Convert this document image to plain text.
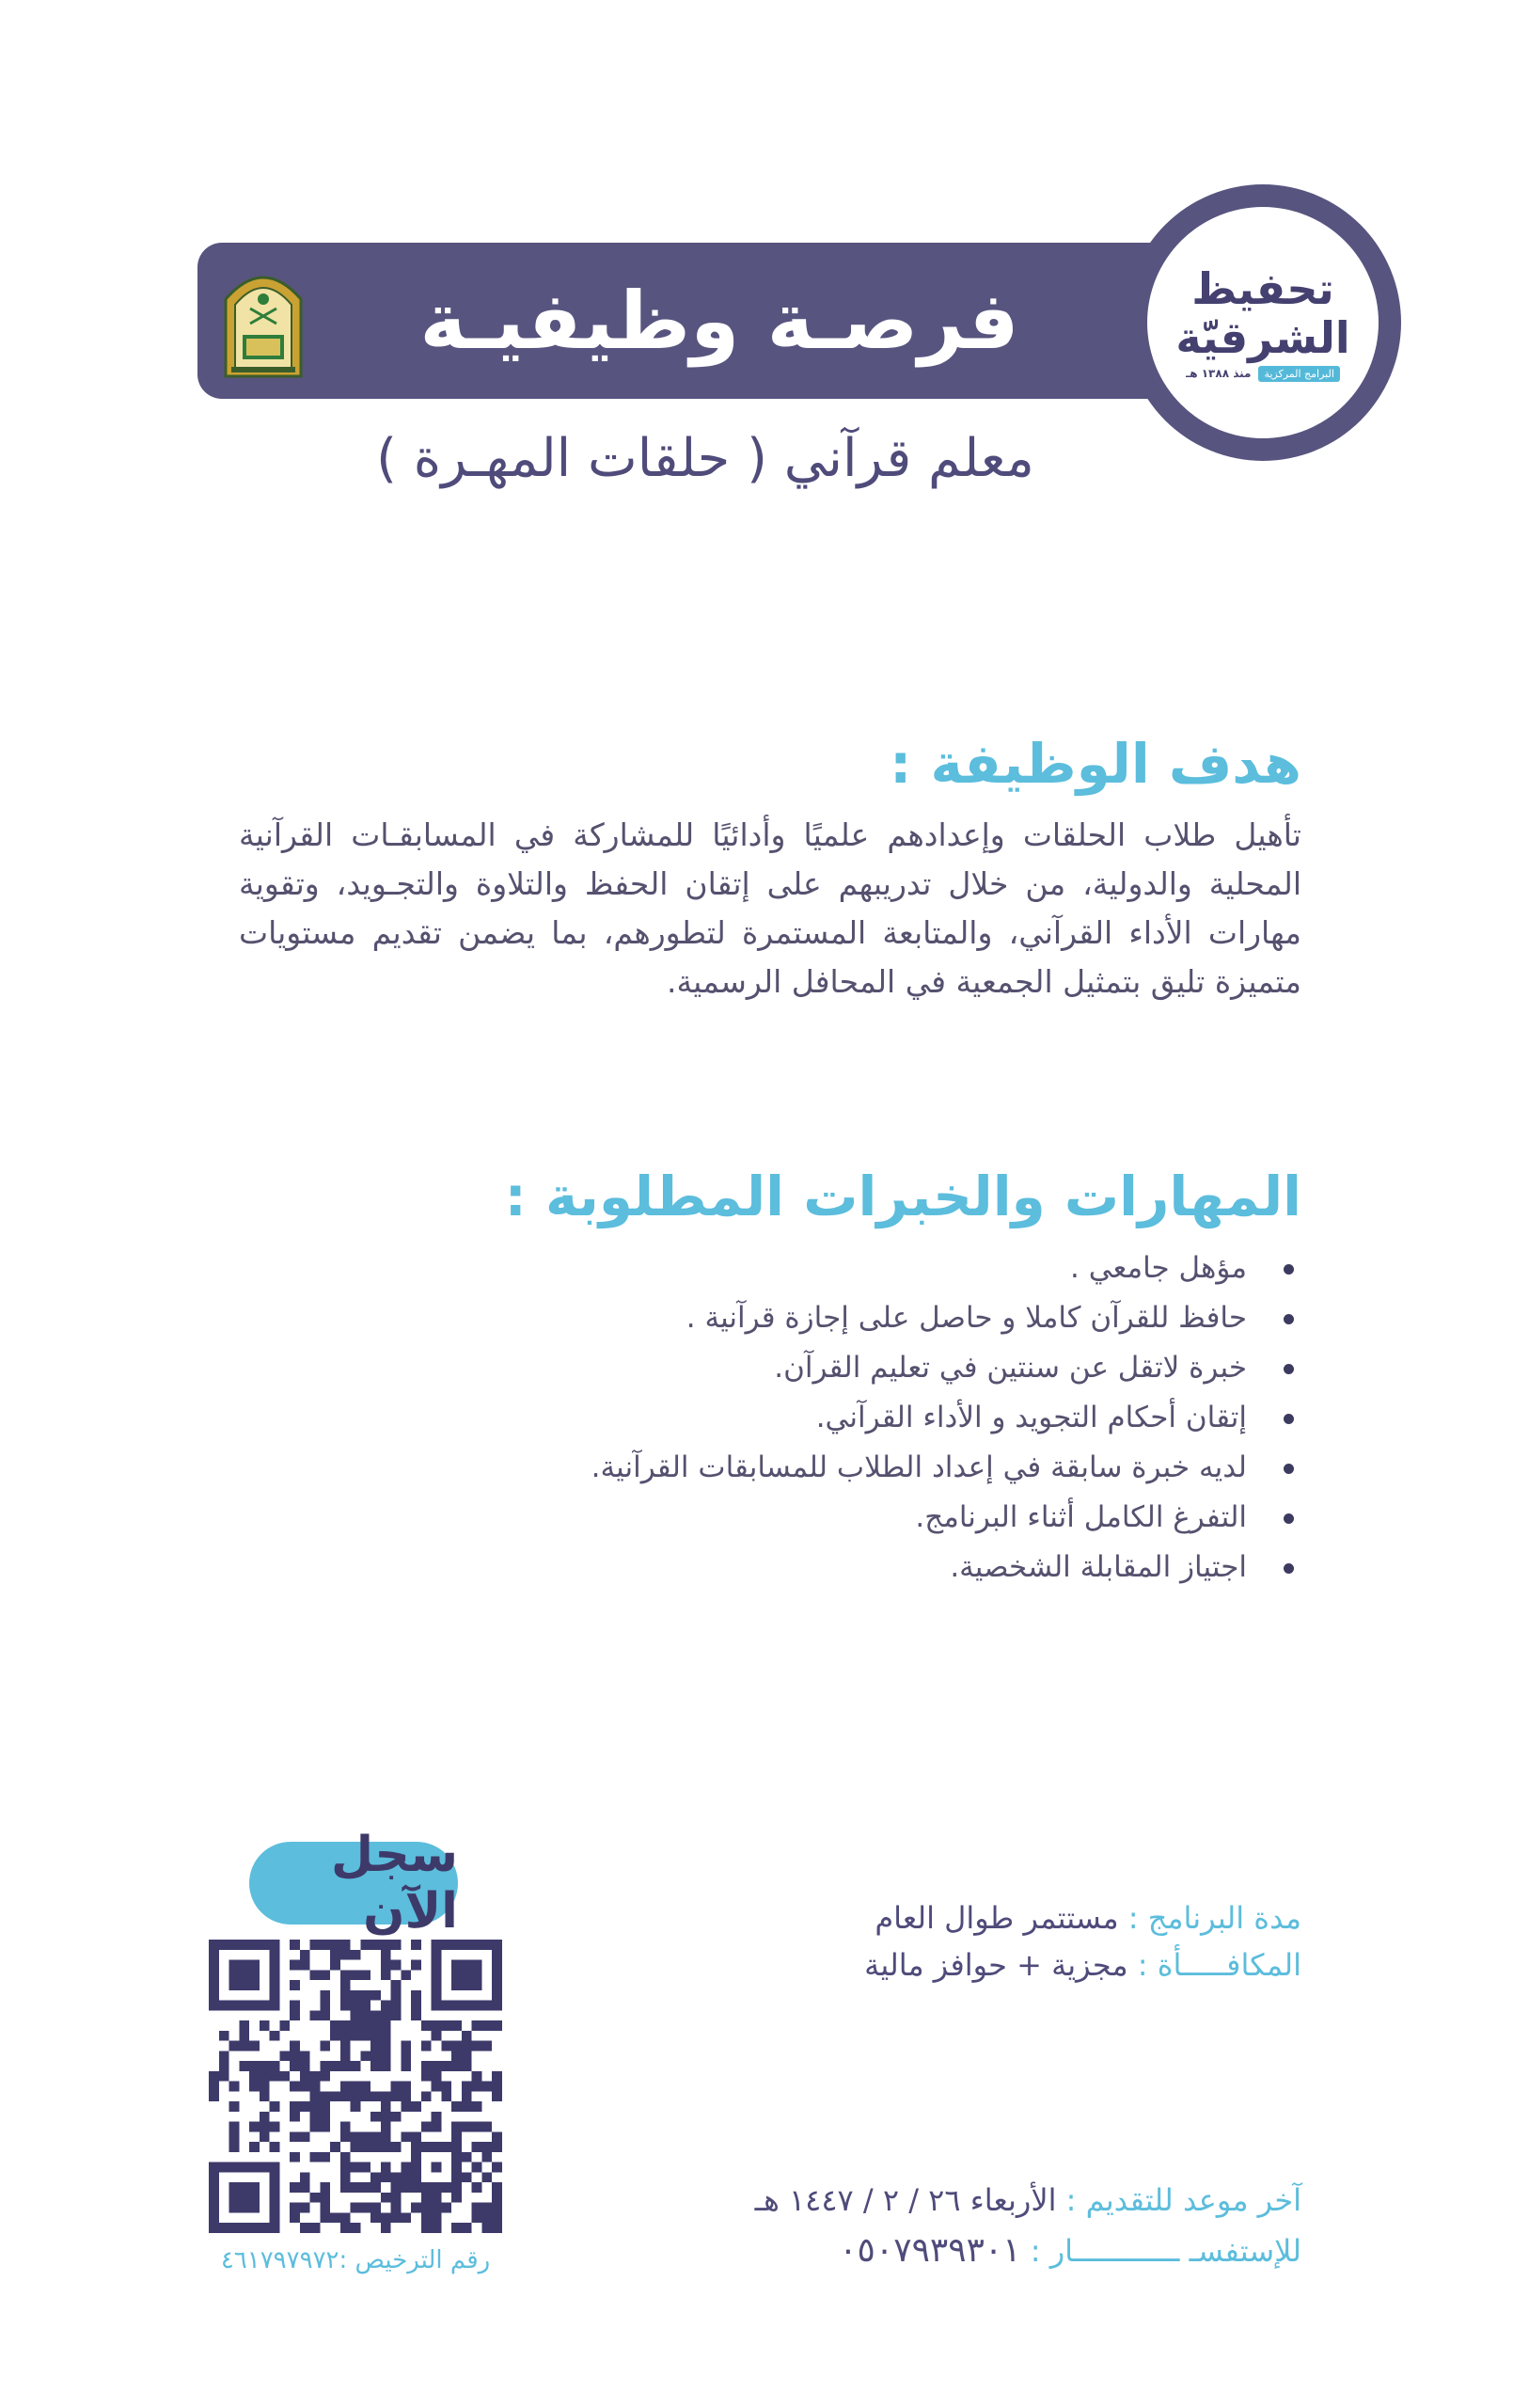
فرصـة وظيفيـة	تحفيظ
الشرقيّة
البرامج المركزية
منذ ١٣٨٨ هـ
معلم قرآني ( حلقات المهـرة )
هدف الوظيفة :
تأهيل طلاب الحلقات وإعدادهم علميًا وأدائيًا للمشاركة في المسابقـات القرآنية المحلية والدولية، من خلال تدريبهم على إتقان الحفظ والتلاوة والتجـويد، وتقوية مهارات الأداء القرآني، والمتابعة المستمرة لتطورهم، بما يضمن تقديم مستويات متميزة تليق بتمثيل الجمعية في المحافل الرسمية.
المهارات والخبرات المطلوبة :
مؤهل جامعي .
حافظ للقرآن كاملا و حاصل على إجازة قرآنية .
خبرة لاتقل عن سنتين في تعليم القرآن.
إتقان أحكام التجويد و الأداء القرآني.
لديه خبرة سابقة في إعداد الطلاب للمسابقات القرآنية.
التفرغ الكامل أثناء البرنامج.
اجتياز المقابلة الشخصية.
مدة البرنامج : مستتمر طوال العام
المكافـــــأة : مجزية + حوافز مالية
آخر موعد للتقديم : الأربعاء ٢٦ / ٢ / ١٤٤٧ هـ
للإستفسـ ــــــــــــار : ٠٥٠٧٩٣٩٣٠١
سجل الآن
رقم الترخيص :٤٦١٧٩٧٩٧٢
